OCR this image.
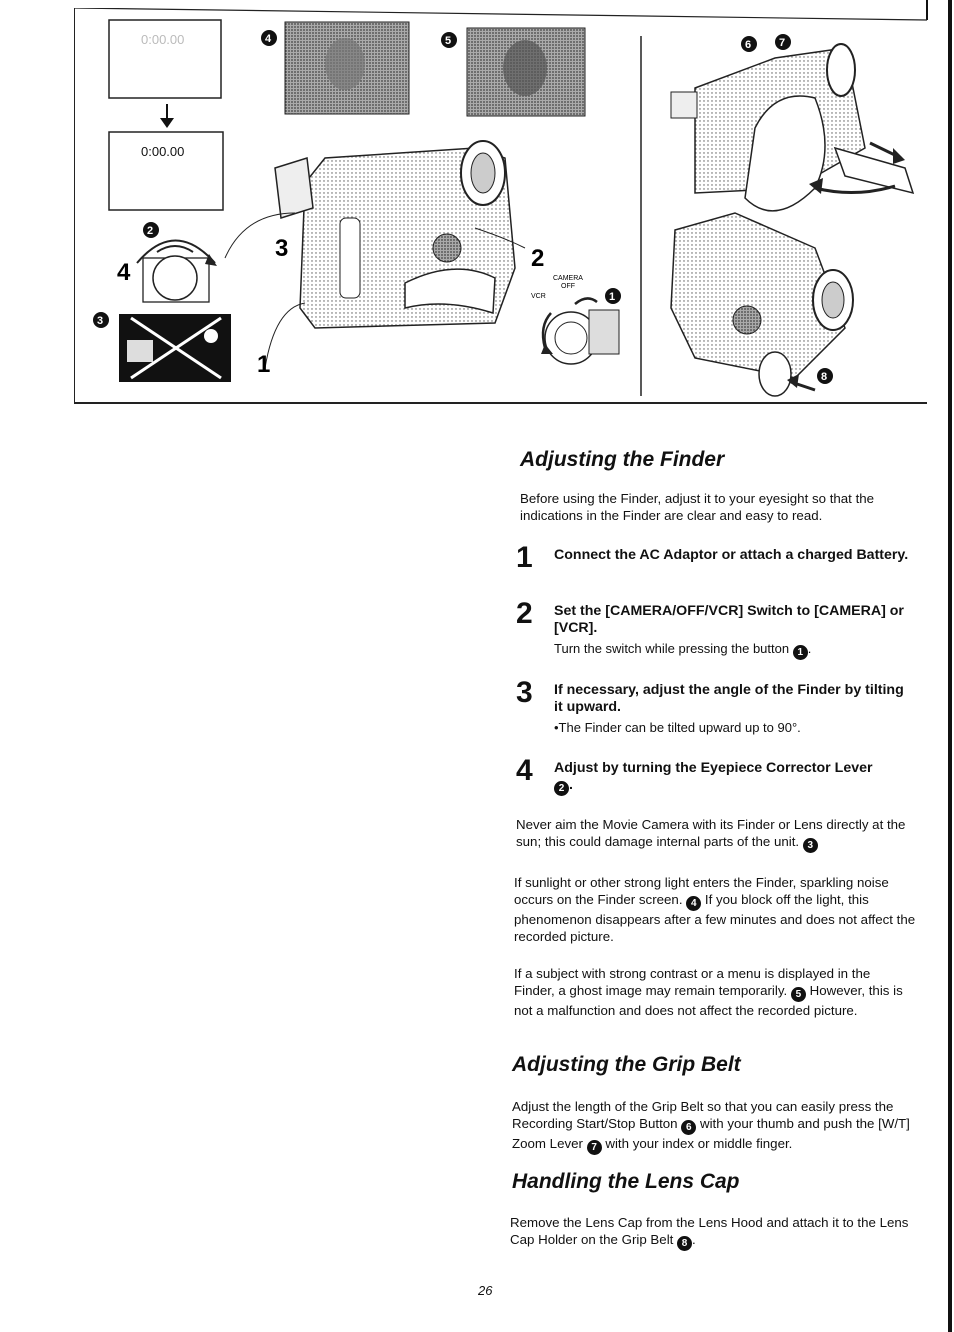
0:00.00
0:00.00
4
2
3
4	5
3
1
2
CAMERA
OFF
VCR	1
6	7
8
Adjusting the Finder

Before using the Finder, adjust it to your eyesight so that the indications in the Finder are clear and easy to read.

1 Connect the AC Adaptor or attach a charged Battery.
2 Set the [CAMERA/OFF/VCR] Switch to [CAMERA] or [VCR].
Turn the switch while pressing the button 1 .
3 If necessary, adjust the angle of the Finder by tilting it upward.
•The Finder can be tilted upward up to 90°.
4 Adjust by turning the Eyepiece Corrector Lever
2 .

Never aim the Movie Camera with its Finder or Lens directly at the sun; this could damage internal parts of the unit. 3

If sunlight or other strong light enters the Finder, sparkling noise occurs on the Finder screen. 4 If you block off the light, this phenomenon disappears after a few minutes and does not affect the recorded picture.

If a subject with strong contrast or a menu is displayed in the Finder, a ghost image may remain temporarily. 5 However, this is not a malfunction and does not affect the recorded picture.

Adjusting the Grip Belt

Adjust the length of the Grip Belt so that you can easily press the Recording Start/Stop Button 6 with your thumb and push the [W/T] Zoom Lever 7 with your index or middle finger.

Handling the Lens Cap

Remove the Lens Cap from the Lens Hood and attach it to the Lens Cap Holder on the Grip Belt 8 .

26
